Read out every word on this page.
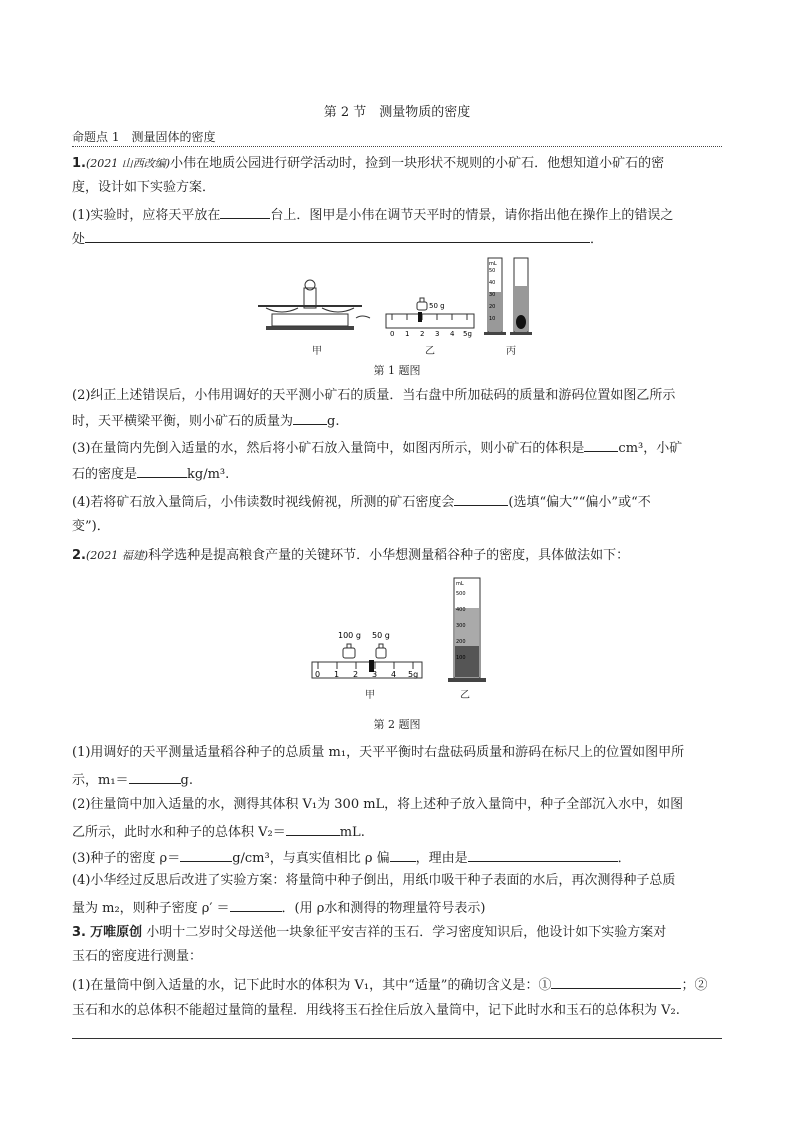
第 2 节　测量物质的密度
命题点 1　测量固体的密度
1.(2021 山西改编)小伟在地质公园进行研学活动时，捡到一块形状不规则的小矿石．他想知道小矿石的密
度，设计如下实验方案．
(1)实验时，应将天平放在	台上．图甲是小伟在调节天平时的情景，请你指出他在操作上的错误之
处	．
0 1 2 3 4 5g
50 g
mL
50
40
30
20
10
甲	乙	丙
第 1 题图
(2)纠正上述错误后，小伟用调好的天平测小矿石的质量．当右盘中所加砝码的质量和游码位置如图乙所示
时，天平横梁平衡，则小矿石的质量为	g.
(3)在量筒内先倒入适量的水，然后将小矿石放入量筒中，如图丙所示，则小矿石的体积是	cm³，小矿
石的密度是	kg/m³.
(4)若将矿石放入量筒后，小伟读数时视线俯视，所测的矿石密度会	(选填“偏大”“偏小”或“不
变”)．
2.(2021 福建)科学选种是提高粮食产量的关键环节．小华想测量稻谷种子的密度，具体做法如下：
0 1 2 3 4 5g
100 g 50 g
mL
500
400
300
200
100
甲	乙
第 2 题图
(1)用调好的天平测量适量稻谷种子的总质量 m₁，天平平衡时右盘砝码质量和游码在标尺上的位置如图甲所
示，m₁＝	g.
(2)往量筒中加入适量的水，测得其体积 V₁为 300 mL，将上述种子放入量筒中，种子全部沉入水中，如图
乙所示，此时水和种子的总体积 V₂＝	mL.
(3)种子的密度 ρ＝	g/cm³，与真实值相比 ρ 偏 ，理由是	．
(4)小华经过反思后改进了实验方案：将量筒中种子倒出，用纸巾吸干种子表面的水后，再次测得种子总质
量为 m₂，则种子密度 ρ′ ＝	．(用 ρ水和测得的物理量符号表示)
3. 万唯原创 小明十二岁时父母送他一块象征平安吉祥的玉石．学习密度知识后，他设计如下实验方案对
玉石的密度进行测量：
(1)在量筒中倒入适量的水，记下此时水的体积为 V₁，其中“适量”的确切含义是：①	；②
玉石和水的总体积不能超过量筒的量程．用线将玉石拴住后放入量筒中，记下此时水和玉石的总体积为 V₂.
